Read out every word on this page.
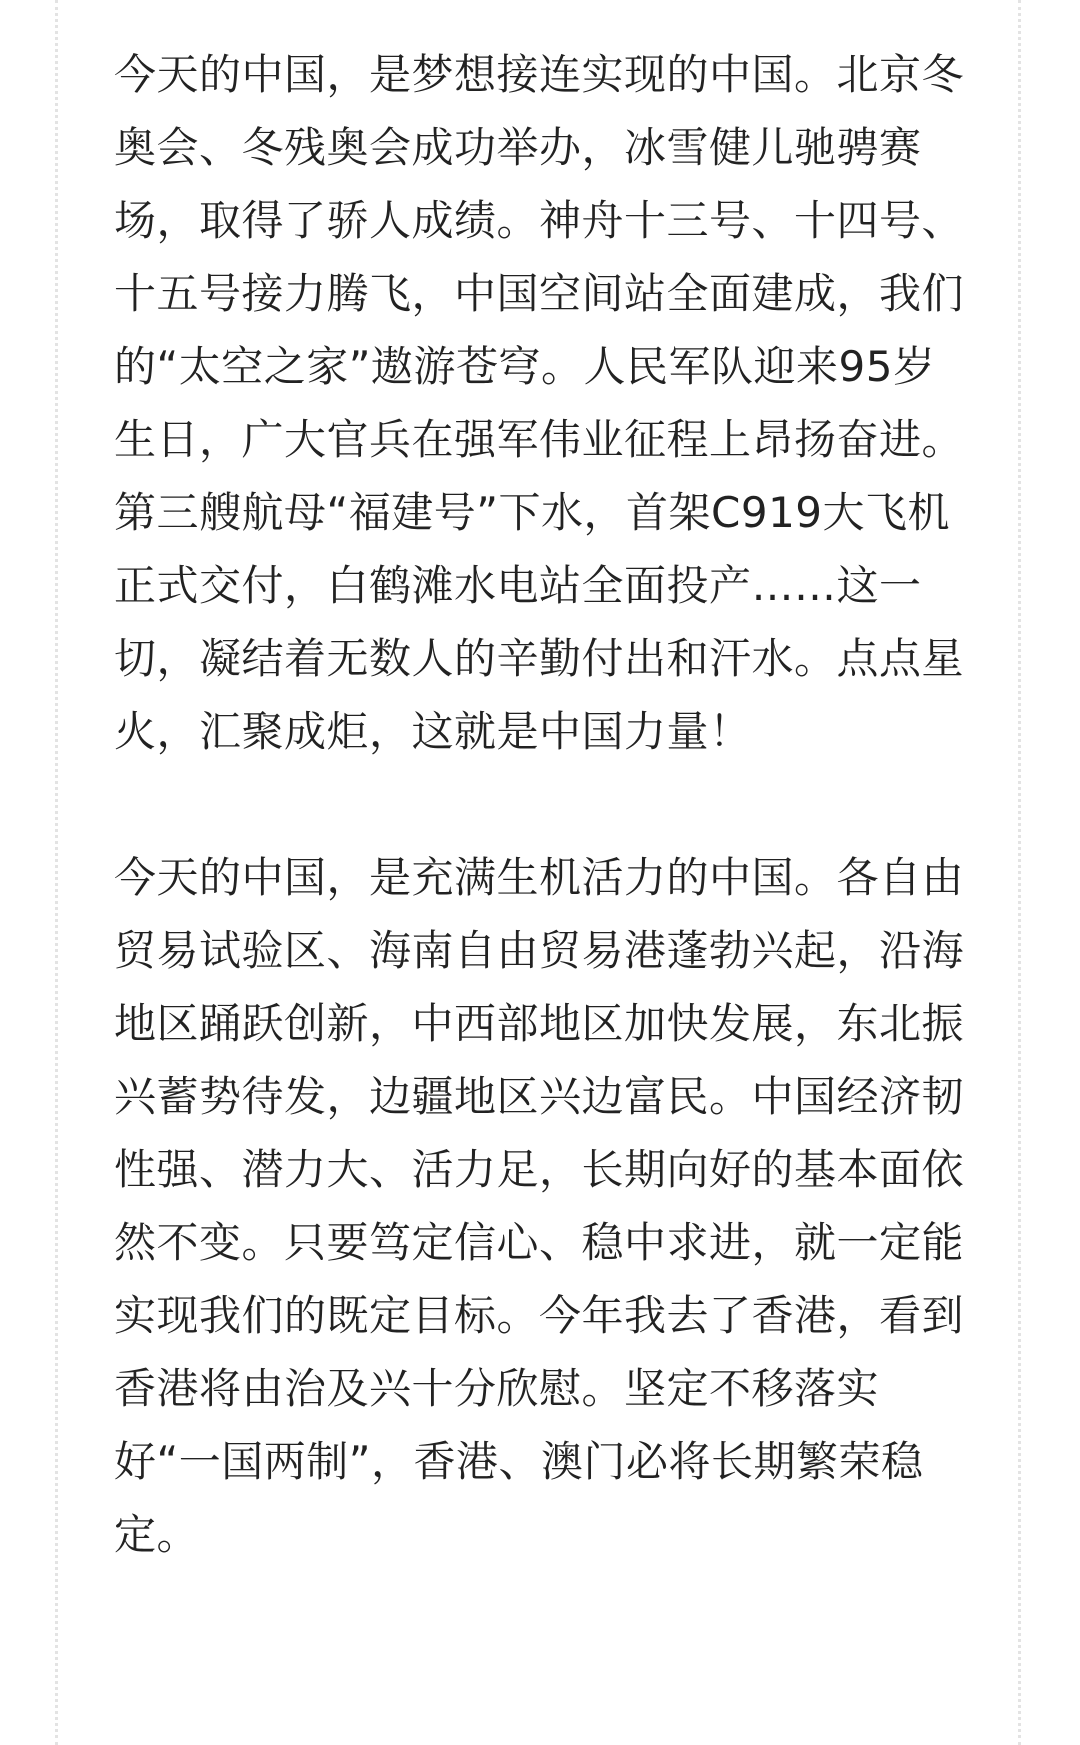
今天的中国，是梦想接连实现的中国。北京冬奥会、冬残奥会成功举办，冰雪健儿驰骋赛场，取得了骄人成绩。神舟十三号、十四号、十五号接力腾飞，中国空间站全面建成，我们的“太空之家”遨游苍穹。人民军队迎来95岁生日，广大官兵在强军伟业征程上昂扬奋进。第三艘航母“福建号”下水，首架C919大飞机正式交付，白鹤滩水电站全面投产……这一切，凝结着无数人的辛勤付出和汗水。点点星火，汇聚成炬，这就是中国力量！

今天的中国，是充满生机活力的中国。各自由贸易试验区、海南自由贸易港蓬勃兴起，沿海地区踊跃创新，中西部地区加快发展，东北振兴蓄势待发，边疆地区兴边富民。中国经济韧性强、潜力大、活力足，长期向好的基本面依然不变。只要笃定信心、稳中求进，就一定能实现我们的既定目标。今年我去了香港，看到香港将由治及兴十分欣慰。坚定不移落实好“一国两制”，香港、澳门必将长期繁荣稳定。
